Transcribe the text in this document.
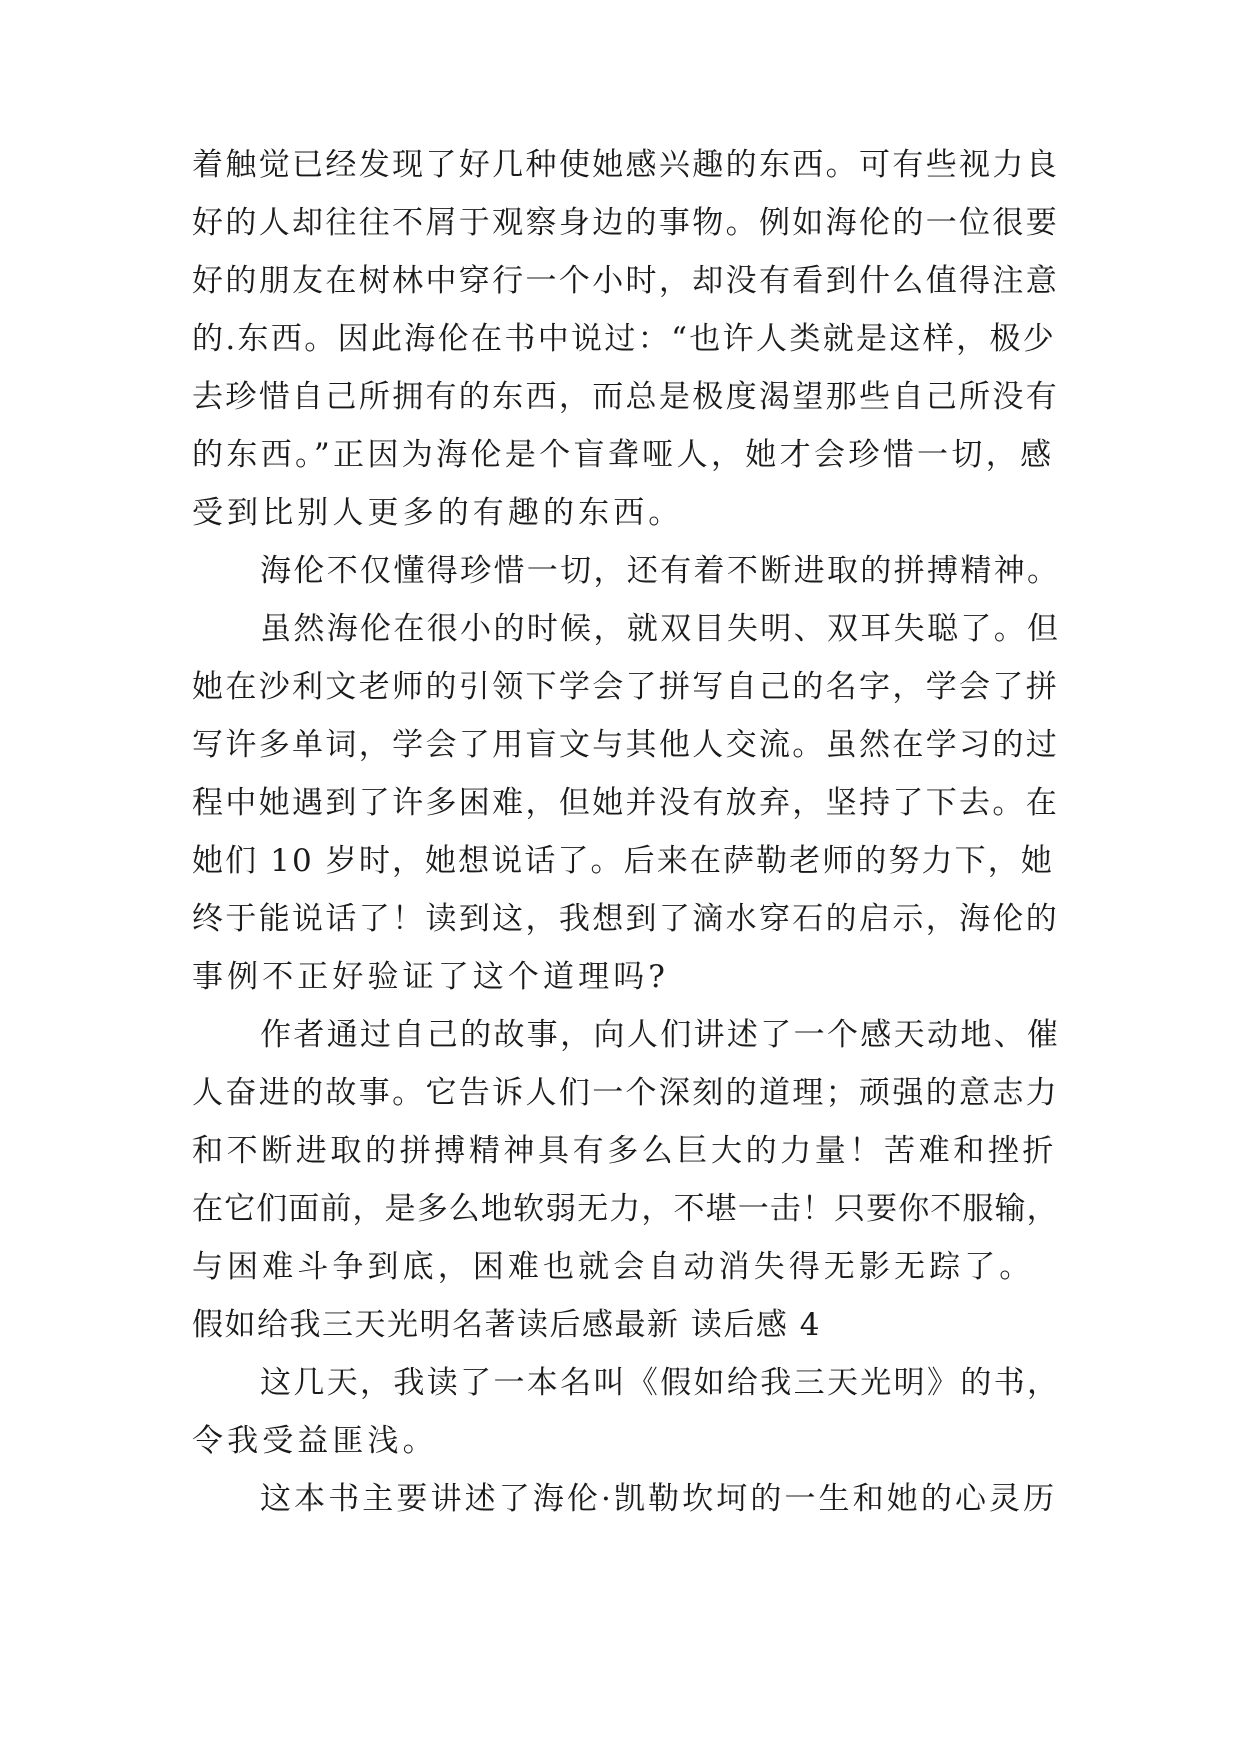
着触觉已经发现了好几种使她感兴趣的东西。可有些视力良
好的人却往往不屑于观察身边的事物。例如海伦的一位很要
好的朋友在树林中穿行一个小时，却没有看到什么值得注意
的.东西。因此海伦在书中说过：“也许人类就是这样，极少
去珍惜自己所拥有的东西，而总是极度渴望那些自己所没有
的东西。”正因为海伦是个盲聋哑人，她才会珍惜一切，感
受到比别人更多的有趣的东西。
海伦不仅懂得珍惜一切，还有着不断进取的拼搏精神。
虽然海伦在很小的时候，就双目失明、双耳失聪了。但
她在沙利文老师的引领下学会了拼写自己的名字，学会了拼
写许多单词，学会了用盲文与其他人交流。虽然在学习的过
程中她遇到了许多困难，但她并没有放弃，坚持了下去。在
她们 10 岁时，她想说话了。后来在萨勒老师的努力下，她
终于能说话了！读到这，我想到了滴水穿石的启示，海伦的
事例不正好验证了这个道理吗?
作者通过自己的故事，向人们讲述了一个感天动地、催
人奋进的故事。它告诉人们一个深刻的道理；顽强的意志力
和不断进取的拼搏精神具有多么巨大的力量！苦难和挫折
在它们面前，是多么地软弱无力，不堪一击！只要你不服输，
与困难斗争到底，困难也就会自动消失得无影无踪了。
假如给我三天光明名著读后感最新 读后感 4
这几天，我读了一本名叫《假如给我三天光明》的书，
令我受益匪浅。
这本书主要讲述了海伦·凯勒坎坷的一生和她的心灵历
